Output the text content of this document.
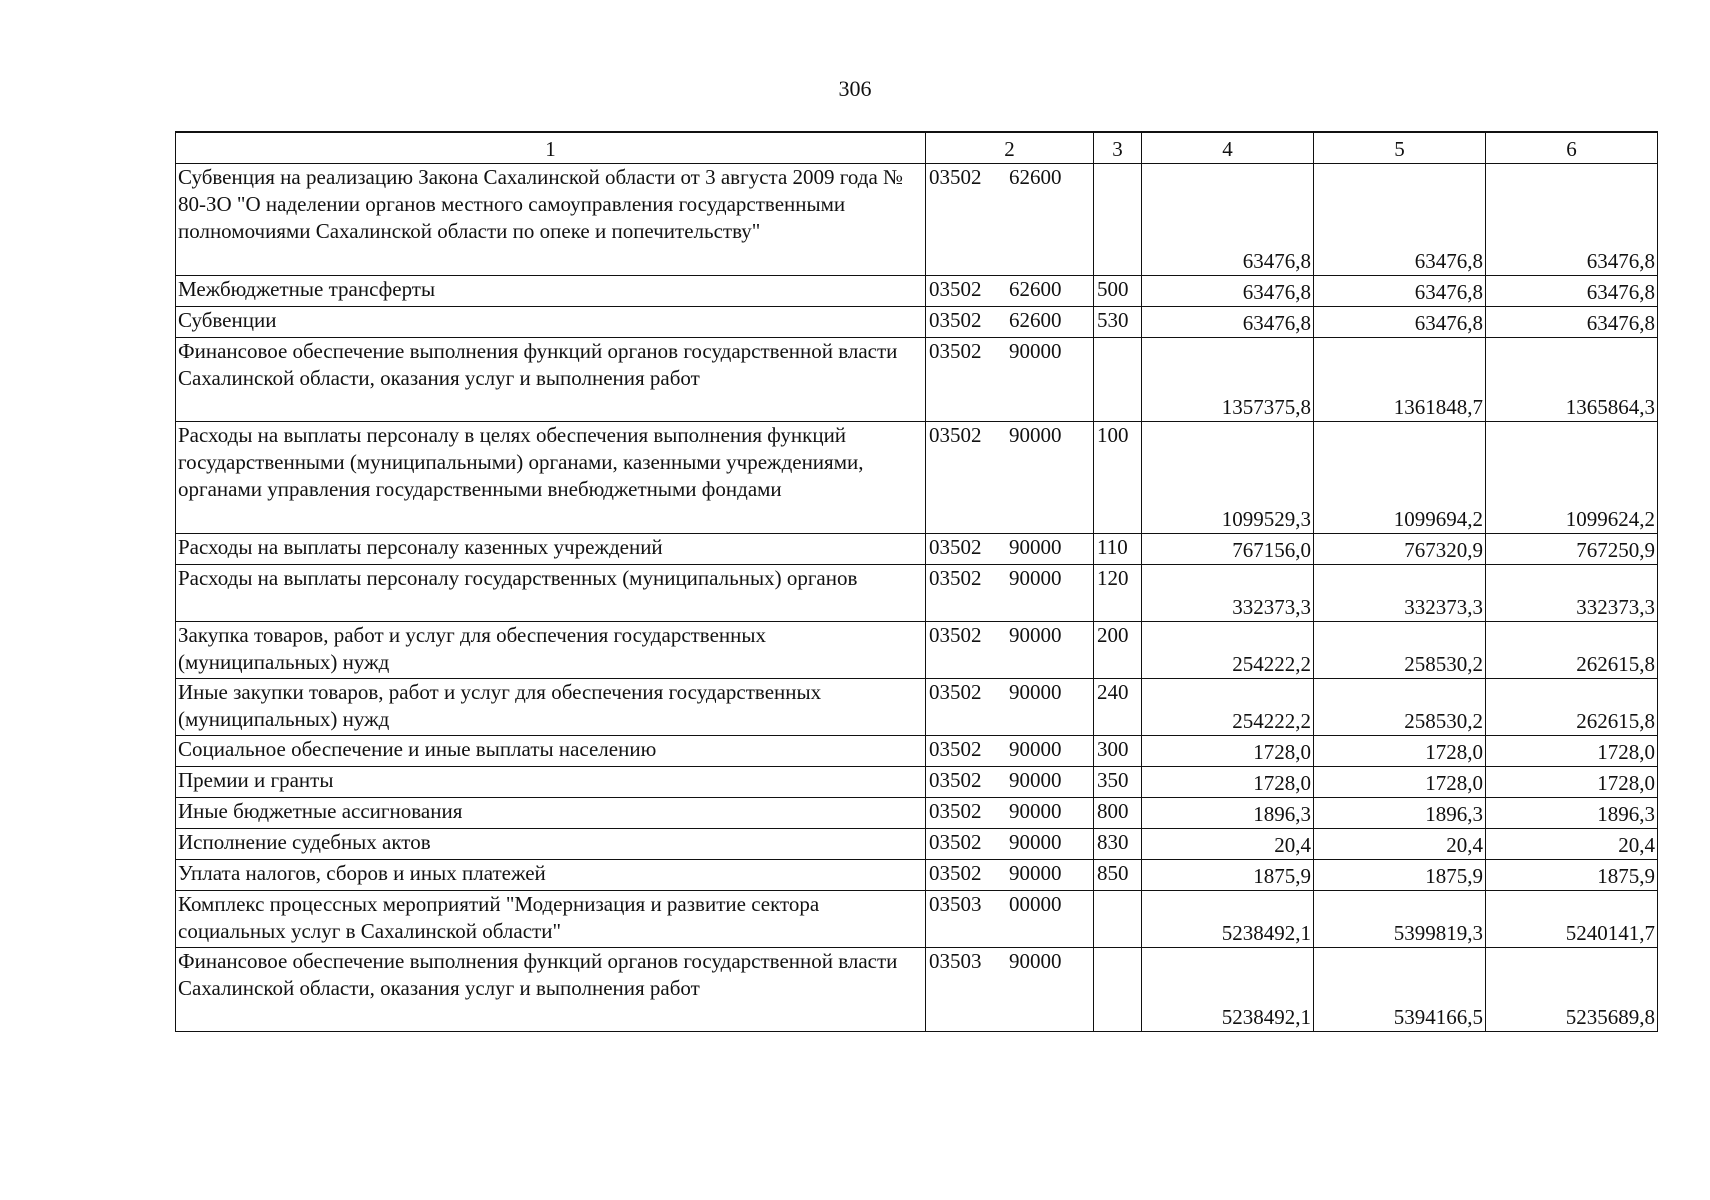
306
1	2	3	4	5	6
Субвенция на реализацию Закона Сахалинской области от 3 августа 2009 года № 80-ЗО "О наделении органов местного самоуправления государственными полномочиями Сахалинской области по опеке и попечительству"	03502 62600		63476,8	63476,8	63476,8
Межбюджетные трансферты	03502 62600	500	63476,8	63476,8	63476,8
Субвенции	03502 62600	530	63476,8	63476,8	63476,8
Финансовое обеспечение выполнения функций органов государственной власти Сахалинской области, оказания услуг и выполнения работ	03502 90000		1357375,8	1361848,7	1365864,3
Расходы на выплаты персоналу в целях обеспечения выполнения функций государственными (муниципальными) органами, казенными учреждениями, органами управления государственными внебюджетными фондами	03502 90000	100	1099529,3	1099694,2	1099624,2
Расходы на выплаты персоналу казенных учреждений	03502 90000	110	767156,0	767320,9	767250,9
Расходы на выплаты персоналу государственных (муниципальных) органов	03502 90000	120	332373,3	332373,3	332373,3
Закупка товаров, работ и услуг для обеспечения государственных (муниципальных) нужд	03502 90000	200	254222,2	258530,2	262615,8
Иные закупки товаров, работ и услуг для обеспечения государственных (муниципальных) нужд	03502 90000	240	254222,2	258530,2	262615,8
Социальное обеспечение и иные выплаты населению	03502 90000	300	1728,0	1728,0	1728,0
Премии и гранты	03502 90000	350	1728,0	1728,0	1728,0
Иные бюджетные ассигнования	03502 90000	800	1896,3	1896,3	1896,3
Исполнение судебных актов	03502 90000	830	20,4	20,4	20,4
Уплата налогов, сборов и иных платежей	03502 90000	850	1875,9	1875,9	1875,9
Комплекс процессных мероприятий "Модернизация и развитие сектора социальных услуг в Сахалинской области"	03503 00000		5238492,1	5399819,3	5240141,7
Финансовое обеспечение выполнения функций органов государственной власти Сахалинской области, оказания услуг и выполнения работ	03503 90000		5238492,1	5394166,5	5235689,8
